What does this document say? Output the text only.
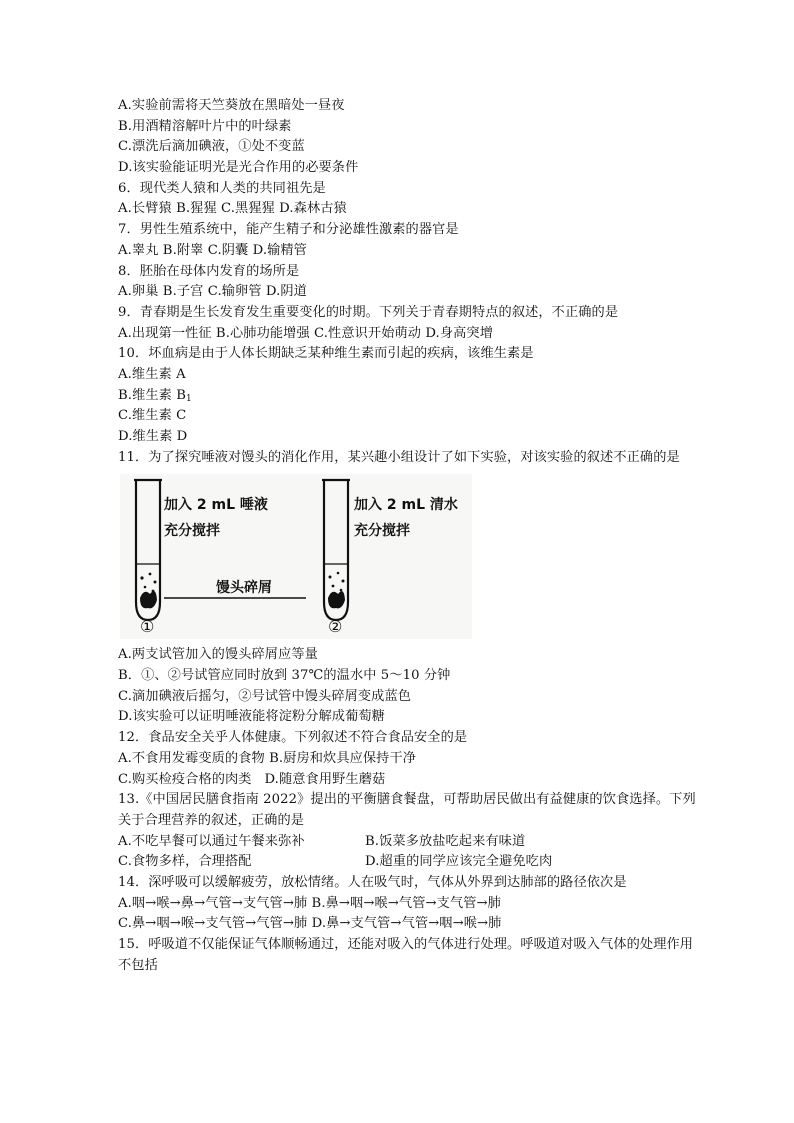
A.实验前需将天竺葵放在黑暗处一昼夜
B.用酒精溶解叶片中的叶绿素
C.漂洗后滴加碘液，①处不变蓝
D.该实验能证明光是光合作用的必要条件
6．现代类人猿和人类的共同祖先是
A.长臂猿 B.猩猩 C.黑猩猩 D.森林古猿
7．男性生殖系统中，能产生精子和分泌雄性激素的器官是
A.睾丸 B.附睾 C.阴囊 D.输精管
8．胚胎在母体内发育的场所是
A.卵巢 B.子宫 C.输卵管 D.阴道
9．青春期是生长发育发生重要变化的时期。下列关于青春期特点的叙述，不正确的是
A.出现第一性征 B.心肺功能增强 C.性意识开始萌动 D.身高突增
10．坏血病是由于人体长期缺乏某种维生素而引起的疾病，该维生素是
A.维生素 A
B.维生素 $B_1$
C.维生素 C
D.维生素 D
11．为了探究唾液对馒头的消化作用，某兴趣小组设计了如下实验，对该实验的叙述不正确的是
加入 2 mL 唾液
充分搅拌
加入 2 mL 清水
充分搅拌
馒头碎屑
①	②
A.两支试管加入的馒头碎屑应等量
B．①、②号试管应同时放到 37℃的温水中 5～10 分钟
C.滴加碘液后摇匀，②号试管中馒头碎屑变成蓝色
D.该实验可以证明唾液能将淀粉分解成葡萄糖
12．食品安全关乎人体健康。下列叙述不符合食品安全的是
A.不食用发霉变质的食物 B.厨房和炊具应保持干净
C.购买检疫合格的肉类   D.随意食用野生蘑菇
13.《中国居民膳食指南 2022》提出的平衡膳食餐盘，可帮助居民做出有益健康的饮食选择。下列关于合理营养的叙述，正确的是
A.不吃早餐可以通过午餐来弥补	B.饭菜多放盐吃起来有味道
C.食物多样，合理搭配	D.超重的同学应该完全避免吃肉
14．深呼吸可以缓解疲劳，放松情绪。人在吸气时，气体从外界到达肺部的路径依次是
A.咽→喉→鼻→气管→支气管→肺 B.鼻→咽→喉→气管→支气管→肺
C.鼻→咽→喉→支气管→气管→肺 D.鼻→支气管→气管→咽→喉→肺
15．呼吸道不仅能保证气体顺畅通过，还能对吸入的气体进行处理。呼吸道对吸入气体的处理作用不包括
